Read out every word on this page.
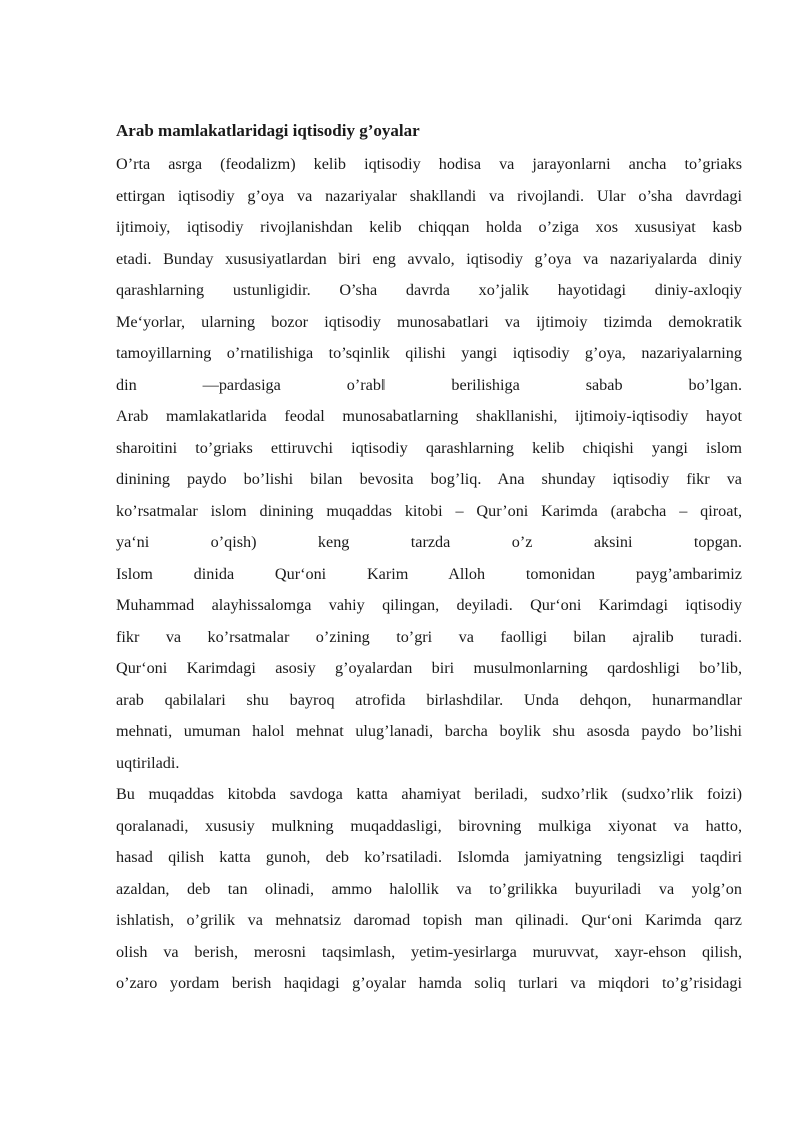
Arab mamlakatlaridagi iqtisodiy g’oyalar
O’rta asrga (feodalizm) kelib iqtisodiy hodisa va jarayonlarni ancha to’griaks
ettirgan iqtisodiy g’oya va nazariyalar shakllandi va rivojlandi. Ular o’sha davrdagi
ijtimoiy, iqtisodiy rivojlanishdan kelib chiqqan holda o’ziga xos xususiyat kasb
etadi. Bunday xususiyatlardan biri eng avvalo, iqtisodiy g’oya va nazariyalarda diniy
qarashlarning ustunligidir. O’sha davrda xo’jalik hayotidagi diniy-axloqiy
Me‘yorlar, ularning bozor iqtisodiy munosabatlari va ijtimoiy tizimda demokratik
tamoyillarning o’rnatilishiga to’sqinlik qilishi yangi iqtisodiy g’oya, nazariyalarning
din ―pardasiga o’rab‖ berilishiga sabab bo’lgan.
Arab mamlakatlarida feodal munosabatlarning shakllanishi, ijtimoiy-iqtisodiy hayot
sharoitini to’griaks ettiruvchi iqtisodiy qarashlarning kelib chiqishi yangi islom
dinining paydo bo’lishi bilan bevosita bog’liq. Ana shunday iqtisodiy fikr va
ko’rsatmalar islom dinining muqaddas kitobi – Qur’oni Karimda (arabcha – qiroat,
ya‘ni o’qish) keng tarzda o’z aksini topgan.
Islom dinida Qur‘oni Karim Alloh tomonidan payg’ambarimiz
Muhammad alayhissalomga vahiy qilingan, deyiladi. Qur‘oni Karimdagi iqtisodiy
fikr va ko’rsatmalar o’zining to’gri va faolligi bilan ajralib turadi.
Qur‘oni Karimdagi asosiy g’oyalardan biri musulmonlarning qardoshligi bo’lib,
arab qabilalari shu bayroq atrofida birlashdilar. Unda dehqon, hunarmandlar
mehnati, umuman halol mehnat ulug’lanadi, barcha boylik shu asosda paydo bo’lishi
uqtiriladi.
Bu muqaddas kitobda savdoga katta ahamiyat beriladi, sudxo’rlik (sudxo’rlik foizi)
qoralanadi, xususiy mulkning muqaddasligi, birovning mulkiga xiyonat va hatto,
hasad qilish katta gunoh, deb ko’rsatiladi. Islomda jamiyatning tengsizligi taqdiri
azaldan, deb tan olinadi, ammo halollik va to’grilikka buyuriladi va yolg’on
ishlatish, o’grilik va mehnatsiz daromad topish man qilinadi. Qur‘oni Karimda qarz
olish va berish, merosni taqsimlash, yetim-yesirlarga muruvvat, xayr-ehson qilish,
o’zaro yordam berish haqidagi g’oyalar hamda soliq turlari va miqdori to’g’risidagi
